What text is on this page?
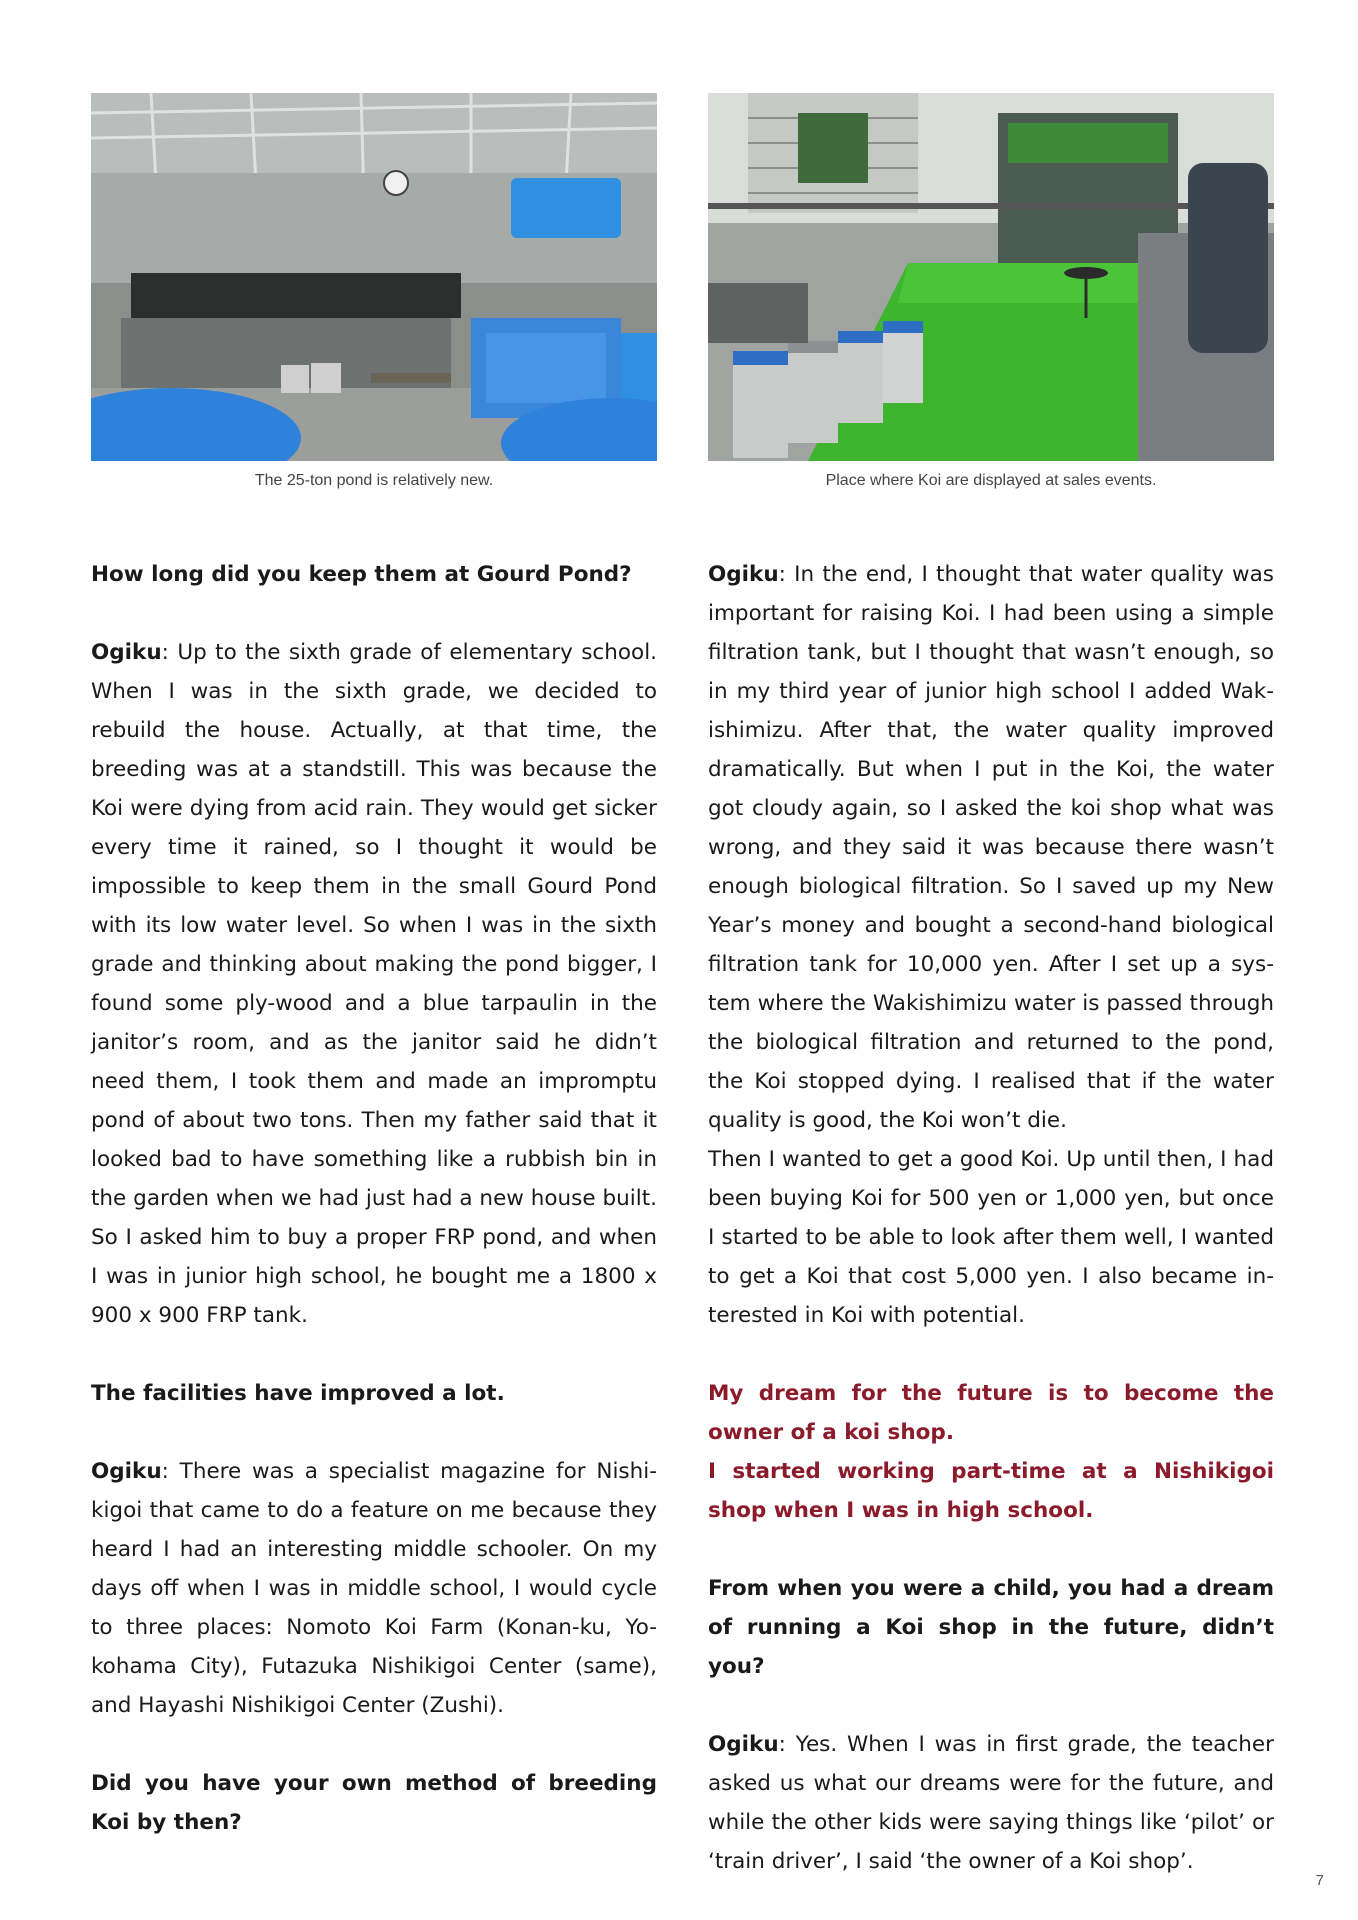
The 25-ton pond is relatively new.	Place where Koi are displayed at sales events.

How long did you keep them at Gourd Pond?

Ogiku: Up to the sixth grade of elementary school. When I was in the sixth grade, we decided to rebuild the house. Actually, at that time, the breeding was at a standstill. This was because the Koi were dying from acid rain. They would get sicker every time it rained, so I thought it would be impossible to keep them in the small Gourd Pond with its low water level. So when I was in the sixth grade and thinking about making the pond bigger, I found some ply-wood and a blue tarpaulin in the janitor’s room, and as the janitor said he didn’t need them, I took them and made an impromptu pond of about two tons. Then my father said that it looked bad to have something like a rubbish bin in the garden when we had just had a new house built. So I asked him to buy a proper FRP pond, and when I was in junior high school, he bought me a 1800 x 900 x 900 FRP tank.

The facilities have improved a lot.

Ogiku: There was a specialist magazine for Nishi-kigoi that came to do a feature on me because they heard I had an interesting middle schooler. On my days off when I was in middle school, I would cycle to three places: Nomoto Koi Farm (Konan-ku, Yo-kohama City), Futazuka Nishikigoi Center (same), and Hayashi Nishikigoi Center (Zushi).

Did you have your own method of breeding Koi by then?

Ogiku: In the end, I thought that water quality was important for raising Koi. I had been using a simple filtration tank, but I thought that wasn’t enough, so in my third year of junior high school I added Wak-ishimizu. After that, the water quality improved dramatically. But when I put in the Koi, the water got cloudy again, so I asked the koi shop what was wrong, and they said it was because there wasn’t enough biological filtration. So I saved up my New Year’s money and bought a second-hand biological filtration tank for 10,000 yen. After I set up a sys-tem where the Wakishimizu water is passed through the biological filtration and returned to the pond, the Koi stopped dying. I realised that if the water quality is good, the Koi won’t die.

Then I wanted to get a good Koi. Up until then, I had been buying Koi for 500 yen or 1,000 yen, but once I started to be able to look after them well, I wanted to get a Koi that cost 5,000 yen. I also became in-terested in Koi with potential.

My dream for the future is to become the owner of a koi shop.

I started working part-time at a Nishikigoi shop when I was in high school.

From when you were a child, you had a dream of running a Koi shop in the future, didn’t you?

Ogiku: Yes. When I was in first grade, the teacher asked us what our dreams were for the future, and while the other kids were saying things like ‘pilot’ or ‘train driver’, I said ‘the owner of a Koi shop’.

7
